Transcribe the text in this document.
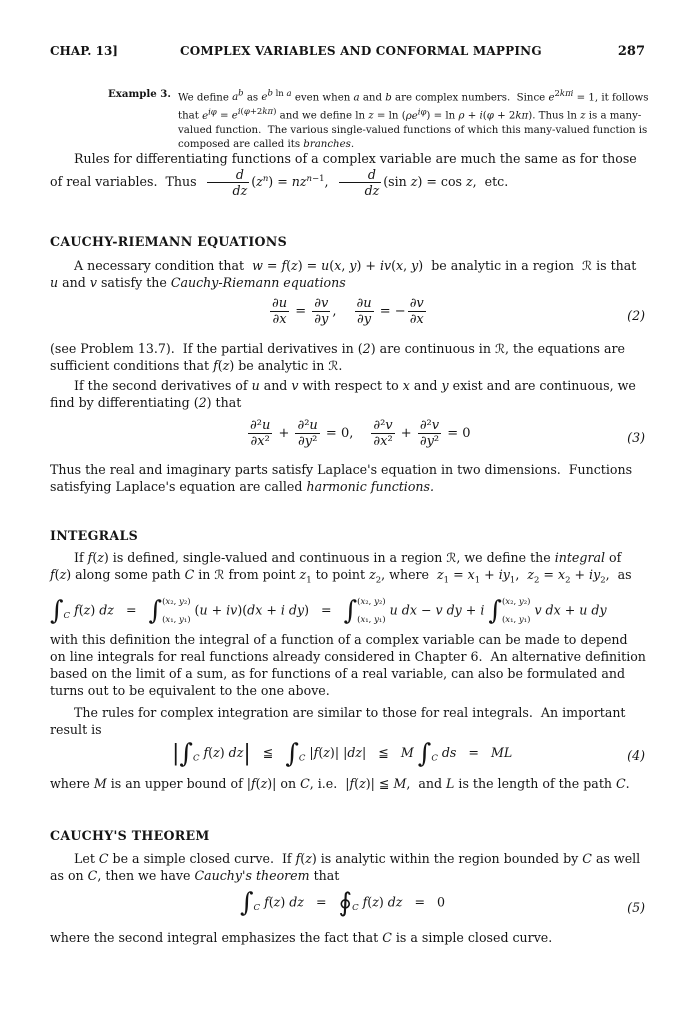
CHAP. 13]	COMPLEX VARIABLES AND CONFORMAL MAPPING	287
Example 3. We define $a^b$ as $e^b$ $^{ln a}$ even when a and b are complex numbers.  Since $e^{2k\pi i} = 1$, it follows that $e^{i\varphi} = e^{i(\varphi+2k\pi)}$ and we define $\ln z = \ln (\rho e^{i\varphi}) = \ln \rho + i(\varphi + 2k\pi)$. Thus ln z is a many-valued function.  The various single-valued functions of which this many-valued function is composed are called its branches.
Rules for differentiating functions of a complex variable are much the same as for those of real variables.  Thus $\frac{d}{dz} (z^n) = nz^{n-1}$, $\frac{d}{dz} (\sin$ z) = cos z,  etc.
CAUCHY-RIEMANN EQUATIONS
A necessary condition that  w = f(z) = u(x, y) + iv(x, y)  be analytic in a region  ℛ is that u and v satisfy the Cauchy-Riemann equations
$\frac{\partial u}{\partial x} = \frac{\partial v}{\partial y}$ , $\frac{\partial u}{\partial y}$ = − $\frac{\partial v}{\partial x}$	(2)
(see Problem 13.7).  If the partial derivatives in (2) are continuous in ℛ, the equations are sufficient conditions that f(z) be analytic in ℛ.
If the second derivatives of u and v with respect to x and y exist and are continuous, we find by differentiating (2) that
$\frac{\text{∂²u}}{\text{∂x²}} + \frac{\text{∂²u}}{\text{∂y²}} = 0$, $\frac{\text{∂²v}}{\text{∂x²}} + \frac{\text{∂²v}}{\text{∂y²}} = 0$	(3)
Thus the real and imaginary parts satisfy Laplace's equation in two dimensions.  Functions satisfying Laplace's equation are called harmonic functions.
INTEGRALS
If f(z) is defined, single-valued and continuous in a region ℛ, we define the integral of f(z) along some path C in ℛ from point $z_1$ to point $z_2$, where  $z_1 = x_1 + iy_1$,  $z_2 = x_2 + iy_2$,  as
$\int_C$ f(z) dz   =   ∫ (x₂, y₂)
(x₁, y₁)
(u + iv)(dx + i dy)   =   ∫ (x₂, y₂)
(x₁, y₁)
u dx − v dy + i ∫ (x₂, y₂)
(x₁, y₁)
v dx + u dy
with this definition the integral of a function of a complex variable can be made to depend on line integrals for real functions already considered in Chapter 6.  An alternative definition based on the limit of a sum, as for functions of a real variable, can also be formulated and turns out to be equivalent to the one above.
The rules for complex integration are similar to those for real integrals.  An important result is
$|\int_C$ f(z) dz|   ≦   $\int_C$ |f(z)| |dz|   ≦   M $\int_C$ ds   =   ML	(4)
where M is an upper bound of |f(z)| on C, i.e.  |f(z)| ≦ M,  and L is the length of the path C.
CAUCHY'S THEOREM
Let C be a simple closed curve.  If f(z) is analytic within the region bounded by C as well as on C, then we have Cauchy's theorem that
$\int_C$ f(z) dz   =   $∮_C$ f(z) dz   =   0	(5)
where the second integral emphasizes the fact that C is a simple closed curve.
